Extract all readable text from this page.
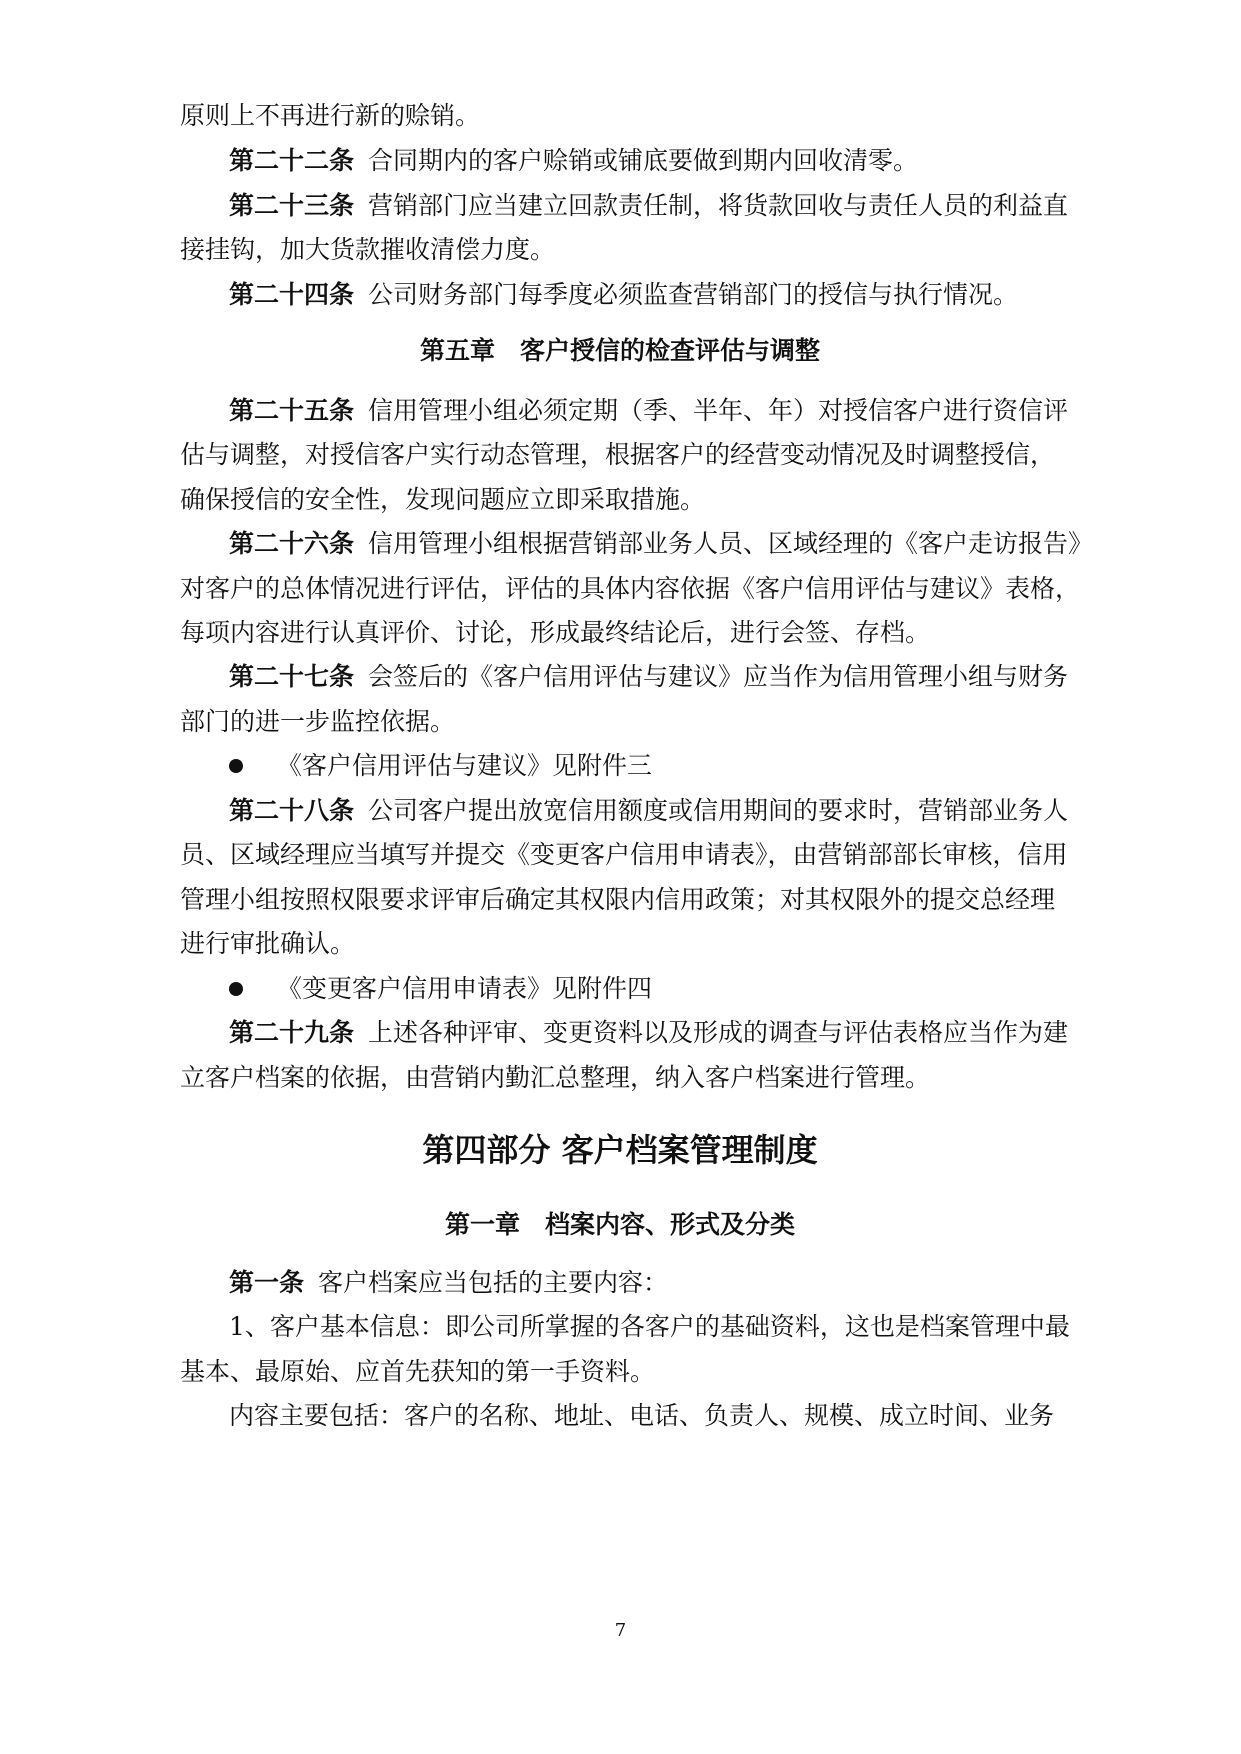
原则上不再进行新的赊销。
第二十二条 合同期内的客户赊销或铺底要做到期内回收清零。
第二十三条 营销部门应当建立回款责任制，将货款回收与责任人员的利益直
接挂钩，加大货款摧收清偿力度。
第二十四条 公司财务部门每季度必须监查营销部门的授信与执行情况。
第五章　客户授信的检查评估与调整
第二十五条 信用管理小组必须定期（季、半年、年）对授信客户进行资信评
估与调整，对授信客户实行动态管理，根据客户的经营变动情况及时调整授信，
确保授信的安全性，发现问题应立即采取措施。
第二十六条 信用管理小组根据营销部业务人员、区域经理的《客户走访报告》
对客户的总体情况进行评估，评估的具体内容依据《客户信用评估与建议》表格，
每项内容进行认真评价、讨论，形成最终结论后，进行会签、存档。
第二十七条 会签后的《客户信用评估与建议》应当作为信用管理小组与财务
部门的进一步监控依据。
《客户信用评估与建议》见附件三
第二十八条 公司客户提出放宽信用额度或信用期间的要求时，营销部业务人
员、区域经理应当填写并提交《变更客户信用申请表》，由营销部部长审核，信用
管理小组按照权限要求评审后确定其权限内信用政策；对其权限外的提交总经理
进行审批确认。
《变更客户信用申请表》见附件四
第二十九条 上述各种评审、变更资料以及形成的调查与评估表格应当作为建
立客户档案的依据，由营销内勤汇总整理，纳入客户档案进行管理。
第四部分 客户档案管理制度
第一章　档案内容、形式及分类
第一条 客户档案应当包括的主要内容：
1、客户基本信息：即公司所掌握的各客户的基础资料，这也是档案管理中最
基本、最原始、应首先获知的第一手资料。
内容主要包括：客户的名称、地址、电话、负责人、规模、成立时间、业务
7
